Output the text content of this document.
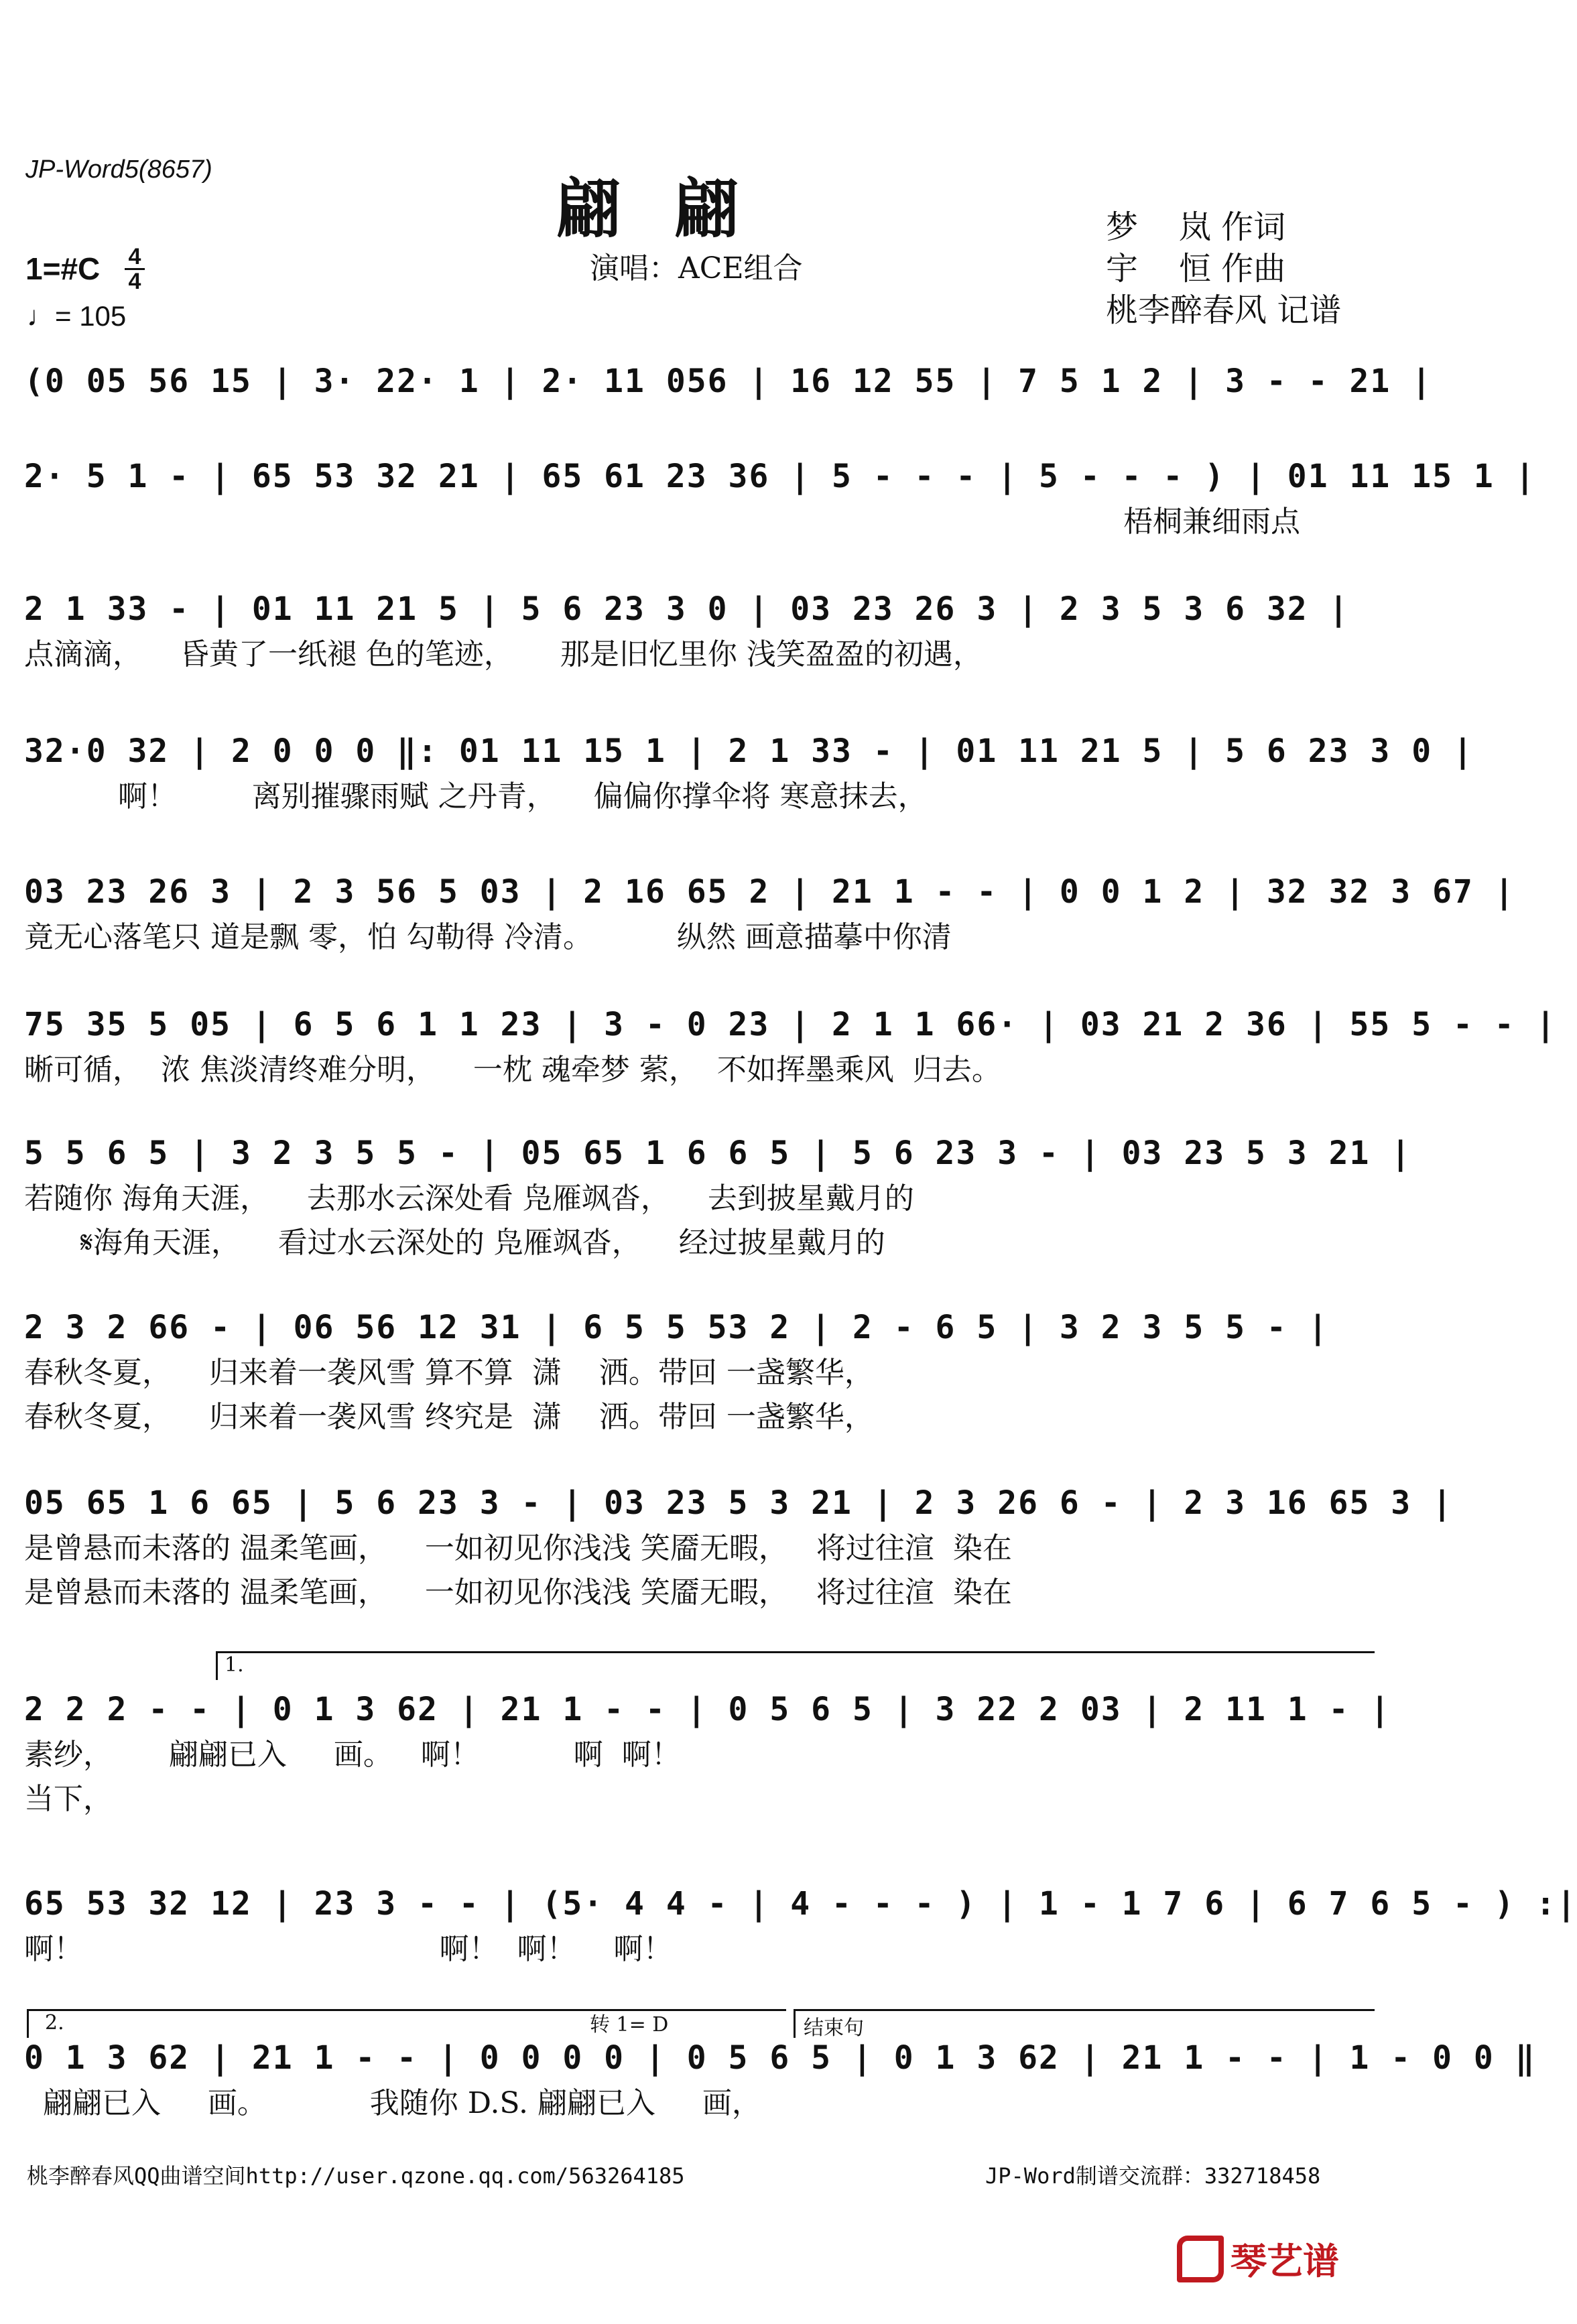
JP-Word5(8657)
翩翩
演唱：ACE组合
梦    岚 作词
宇    恒 作曲
桃李醉春风 记谱
1=#C 4
4
♩= 105
(0 05 56 15 | 3· 22· 1 | 2· 11 056 | 16 12 55 | 7 5 1 2 | 3 - - 21 |
2· 5 1 - | 65 53 32 21 | 65 61 23 36 | 5 - - - | 5 - - - ) | 01 11 15 1 |
梧桐兼细雨点
2 1 33 - | 01 11 21 5 | 5 6 23 3 0 | 03 23 26 3 | 2 3 5 3 6 32 |
点滴滴，    昏黄了一纸褪 色的笔迹，     那是旧忆里你 浅笑盈盈的初遇，
32·0 32 | 2 0 0 0 ‖: 01 11 15 1 | 2 1 33 - | 01 11 21 5 | 5 6 23 3 0 |
啊！        离别摧骤雨赋 之丹青，    偏偏你撑伞将 寒意抹去，
03 23 26 3 | 2 3 56 5 03 | 2 16 65 2 | 21 1 - - | 0 0 1 2 | 32 32 3 67 |
竟无心落笔只 道是飘 零，怕 勾勒得 冷清。         纵然 画意描摹中你清
75 35 5 05 | 6 5 6 1 1 23 | 3 - 0 23 | 2 1 1 66· | 03 21 2 36 | 55 5 - - |
晰可循，  浓 焦淡清终难分明，    一枕 魂牵梦 萦，  不如挥墨乘风  归去。
5 5 6 5 | 3 2 3 5 5 - | 05 65 1 6 6 5 | 5 6 23 3 - | 03 23 5 3 21 |
若随你 海角天涯，    去那水云深处看 凫雁飒沓，    去到披星戴月的
𝄋海角天涯，    看过水云深处的 凫雁飒沓，    经过披星戴月的
2 3 2 66 - | 06 56 12 31 | 6 5 5 53 2 | 2 - 6 5 | 3 2 3 5 5 - |
春秋冬夏，    归来着一袭风雪 算不算  潇    洒。带回 一盏繁华，
春秋冬夏，    归来着一袭风雪 终究是  潇    洒。带回 一盏繁华，
05 65 1 6 65 | 5 6 23 3 - | 03 23 5 3 21 | 2 3 26 6 - | 2 3 16 65 3 |
是曾悬而未落的 温柔笔画，    一如初见你浅浅 笑靥无暇，   将过往渲  染在
是曾悬而未落的 温柔笔画，    一如初见你浅浅 笑靥无暇，   将过往渲  染在
1.
2 2 2 - - | 0 1 3 62 | 21 1 - - | 0 5 6 5 | 3 22 2 03 | 2 11 1 - |
素纱，      翩翩已入     画。   啊！          啊  啊！
当下，
65 53 32 12 | 23 3 - - | (5· 4 4 - | 4 - - - ) | 1 - 1 7 6 | 6 7 6 5 - ) :|
啊！                                      啊！  啊！    啊！
2.	转 1= D	结束句
0 1 3 62 | 21 1 - - | 0 0 0 0 | 0 5 6 5 | 0 1 3 62 | 21 1 - - | 1 - 0 0 ‖
翩翩已入     画。           我随你 D.S. 翩翩已入     画，
桃李醉春风QQ曲谱空间http://user.qzone.qq.com/563264185	JP-Word制谱交流群：332718458
琴艺谱
